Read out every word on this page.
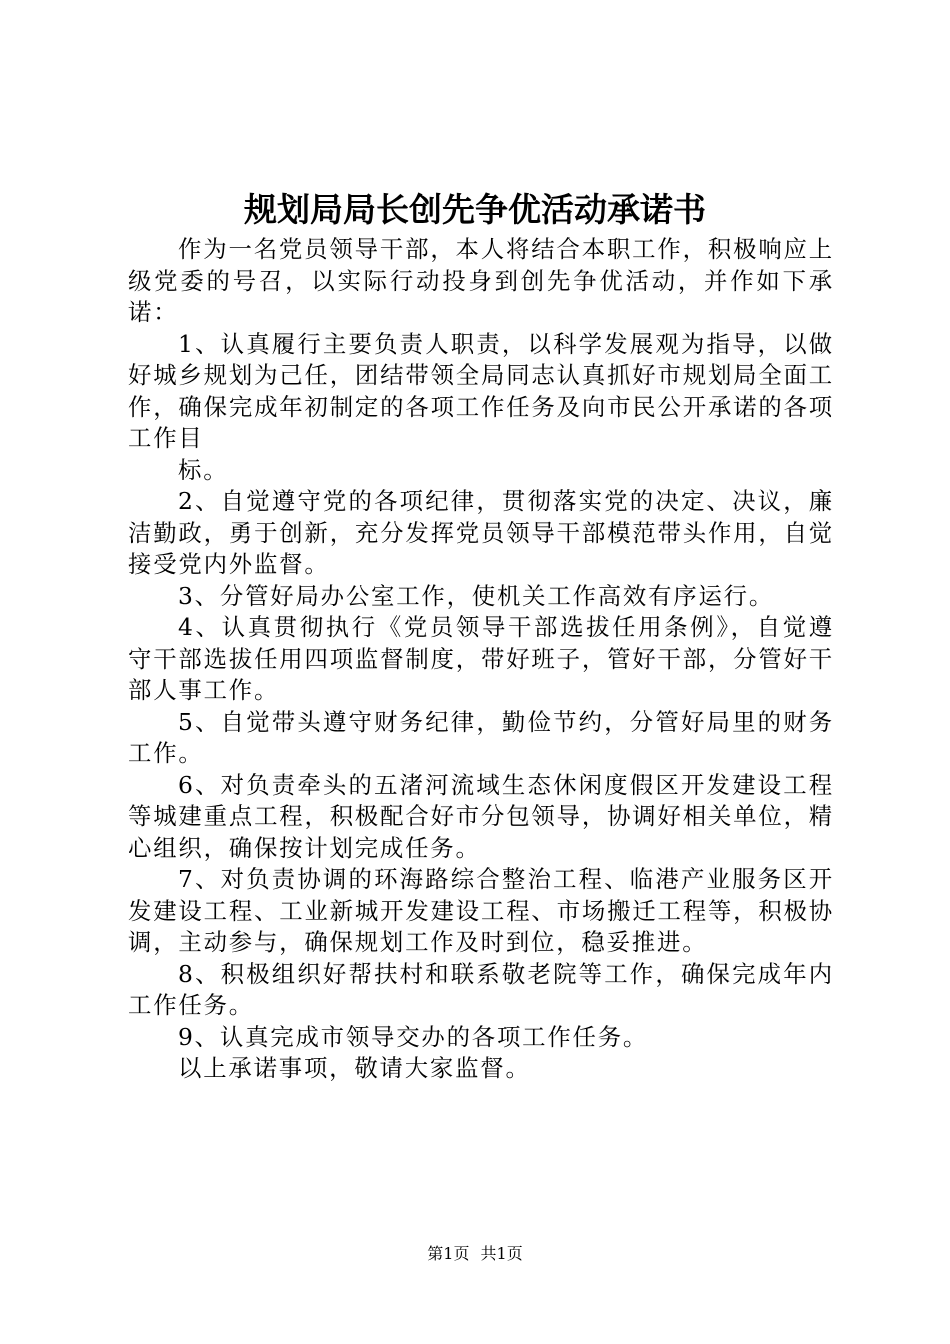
规划局局长创先争优活动承诺书

作为一名党员领导干部，本人将结合本职工作，积极响应上级党委的号召，以实际行动投身到创先争优活动，并作如下承诺：

1、认真履行主要负责人职责，以科学发展观为指导，以做好城乡规划为己任，团结带领全局同志认真抓好市规划局全面工作，确保完成年初制定的各项工作任务及向市民公开承诺的各项工作目

标。

2、自觉遵守党的各项纪律，贯彻落实党的决定、决议，廉洁勤政，勇于创新，充分发挥党员领导干部模范带头作用，自觉接受党内外监督。

3、分管好局办公室工作，使机关工作高效有序运行。

4、认真贯彻执行《党员领导干部选拔任用条例》，自觉遵守干部选拔任用四项监督制度，带好班子，管好干部，分管好干部人事工作。

5、自觉带头遵守财务纪律，勤俭节约，分管好局里的财务工作。

6、对负责牵头的五渚河流域生态休闲度假区开发建设工程等城建重点工程，积极配合好市分包领导，协调好相关单位，精心组织，确保按计划完成任务。

7、对负责协调的环海路综合整治工程、临港产业服务区开发建设工程、工业新城开发建设工程、市场搬迁工程等，积极协调，主动参与，确保规划工作及时到位，稳妥推进。

8、积极组织好帮扶村和联系敬老院等工作，确保完成年内工作任务。

9、认真完成市领导交办的各项工作任务。

以上承诺事项，敬请大家监督。

第1页 共1页
